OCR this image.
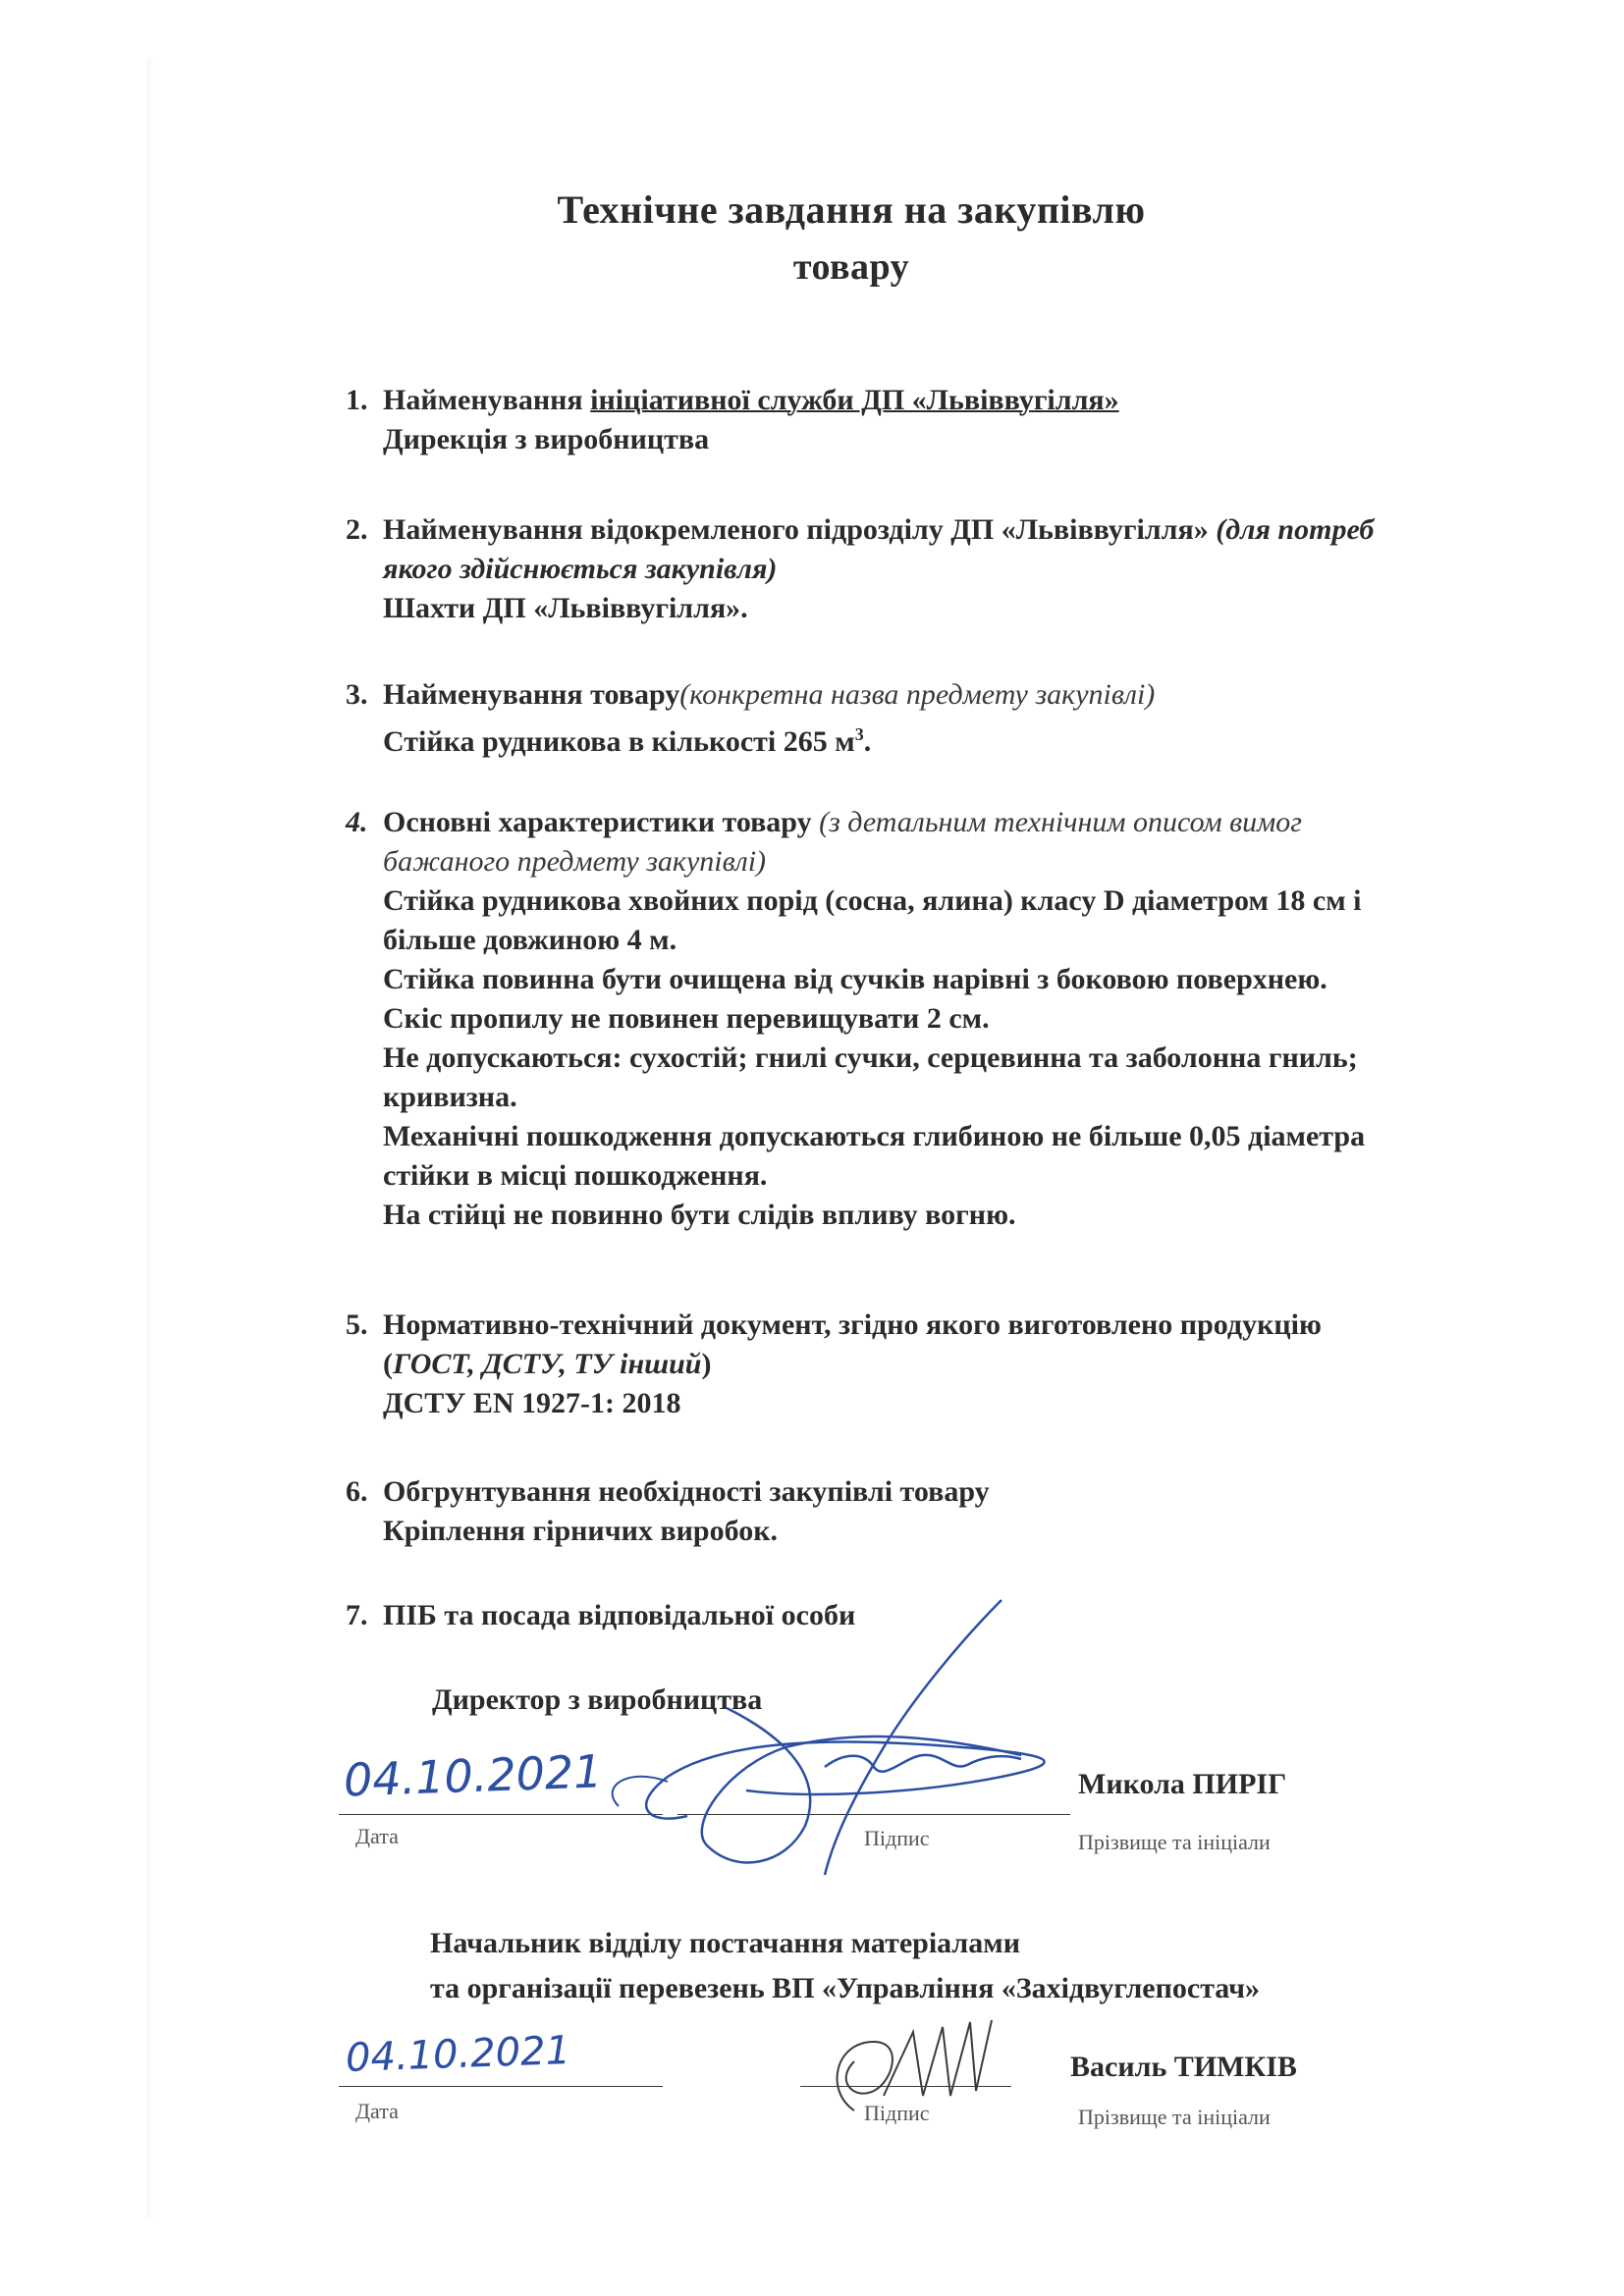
Технічне завдання на закупівлю
товару
1. Найменування ініціативної служби ДП «Львіввугілля»
Дирекція з виробництва
2. Найменування відокремленого підрозділу ДП «Львіввугілля» (для потреб
якого здійснюється закупівля)
Шахти ДП «Львіввугілля».
3. Найменування товару(конкретна назва предмету закупівлі)
Стійка рудникова в кількості 265 $м^3$.
4. Основні характеристики товару (з детальним технічним описом вимог
бажаного предмету закупівлі)
Стійка рудникова хвойних порід (сосна, ялина) класу D діаметром 18 см і
більше довжиною 4 м.
Стійка повинна бути очищена від сучків нарівні з боковою поверхнею.
Скіс пропилу не повинен перевищувати 2 см.
Не допускаються: сухостій; гнилі сучки, серцевинна та заболонна гниль;
кривизна.
Механічні пошкодження допускаються глибиною не більше 0,05 діаметра
стійки в місці пошкодження.
На стійці не повинно бути слідів впливу вогню.
5. Нормативно-технічний документ, згідно якого виготовлено продукцію
(ГОСТ, ДСТУ, ТУ інший)
ДСТУ EN 1927-1: 2018
6. Обгрунтування необхідності закупівлі товару
Кріплення гірничих виробок.
7. ПІБ та посада відповідальної особи
Директор з виробництва
04.10.2021	Микола ПИРІГ
Дата	Підпис	Прізвище та ініціали
Начальник відділу постачання матеріалами
та організації перевезень ВП «Управління «Західвуглепостач»
04.10.2021	Василь ТИМКІВ
Дата	Підпис	Прізвище та ініціали
